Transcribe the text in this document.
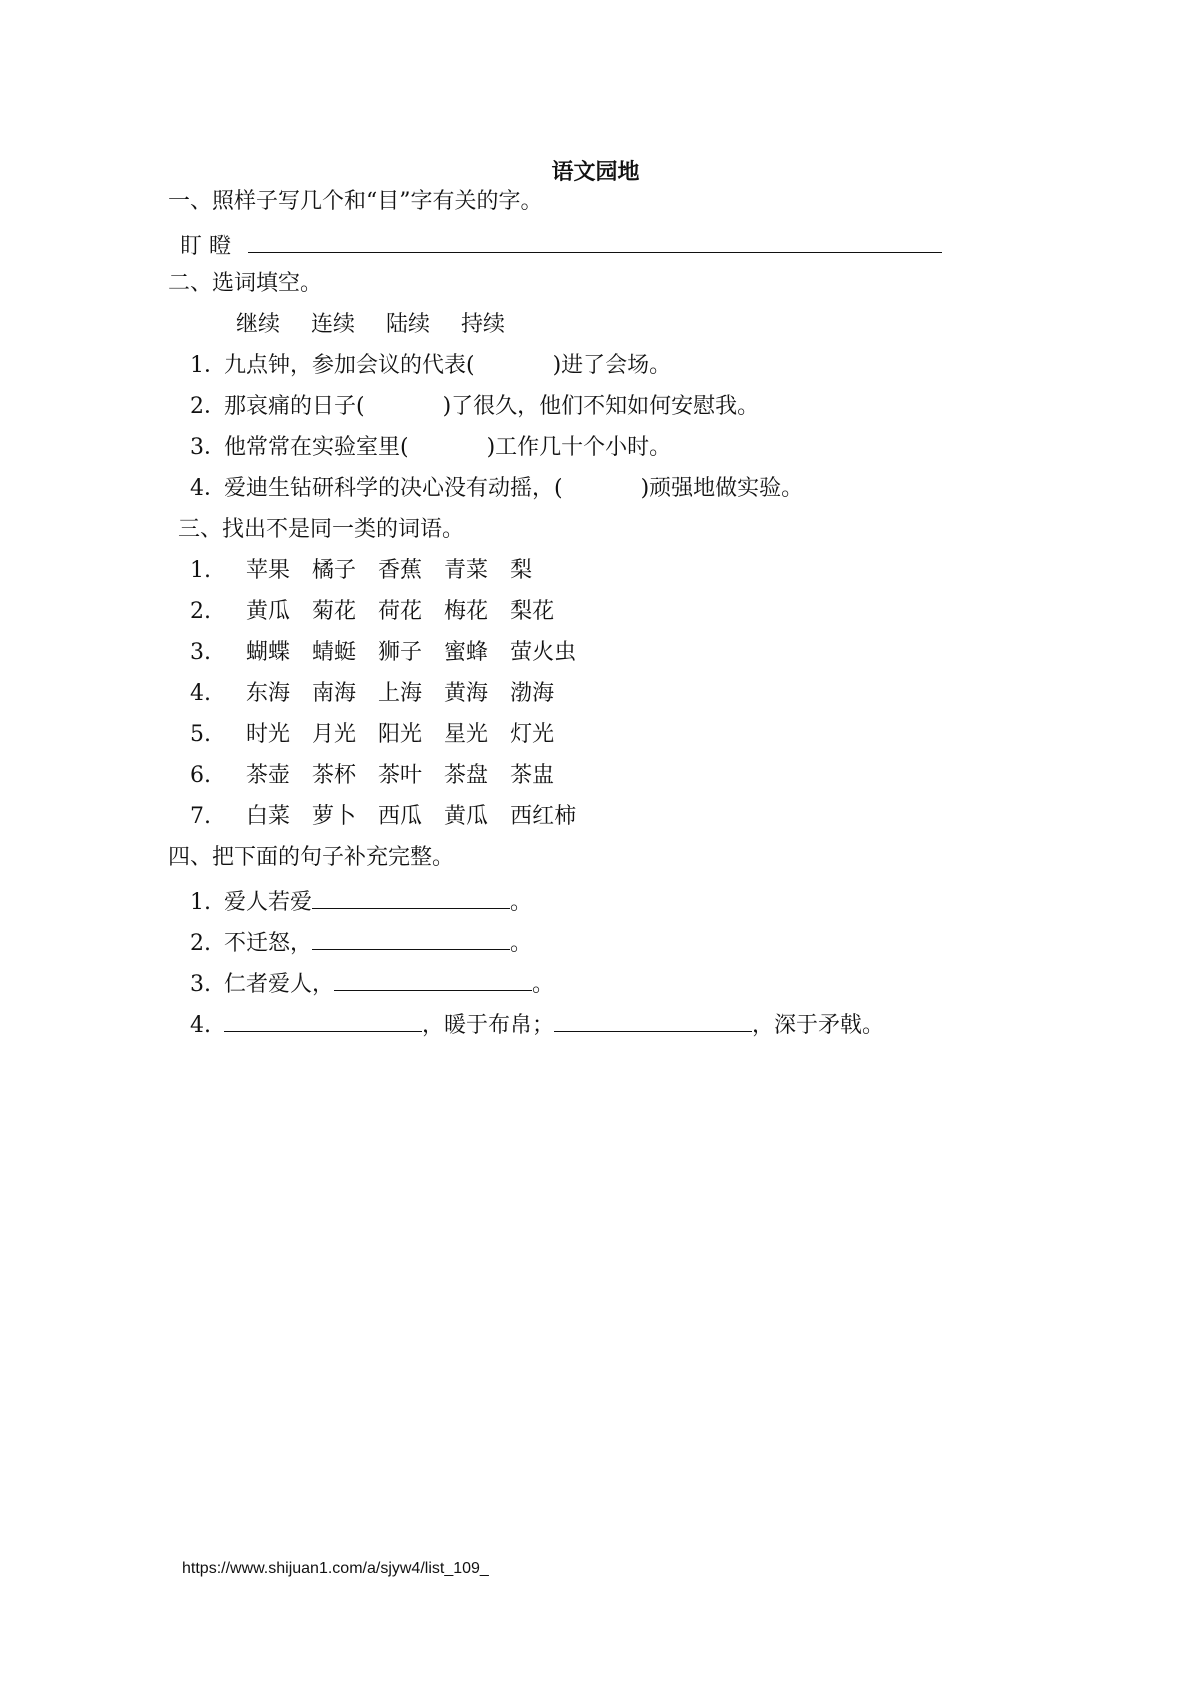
语文园地
一、照样子写几个和“目”字有关的字。
盯 瞪
二、选词填空。
继续 连续 陆续 持续
1．九点钟，参加会议的代表(	)进了会场。
2．那哀痛的日子(	)了很久，他们不知如何安慰我。
3．他常常在实验室里(	)工作几十个小时。
4．爱迪生钻研科学的决心没有动摇，(	)顽强地做实验。
三、找出不是同一类的词语。
1. 苹果 橘子 香蕉 青菜 梨
2. 黄瓜 菊花 荷花 梅花 梨花
3. 蝴蝶 蜻蜓 狮子 蜜蜂 萤火虫
4. 东海 南海 上海 黄海 渤海
5. 时光 月光 阳光 星光 灯光
6. 茶壶 茶杯 茶叶 茶盘 茶盅
7. 白菜 萝卜 西瓜 黄瓜 西红柿
四、把下面的句子补充完整。
1. 爱人若爱	。
2. 不迁怒，	。
3. 仁者爱人，	。
4.	，暖于布帛；	，深于矛戟。
https://www.shijuan1.com/a/sjyw4/list_109_
